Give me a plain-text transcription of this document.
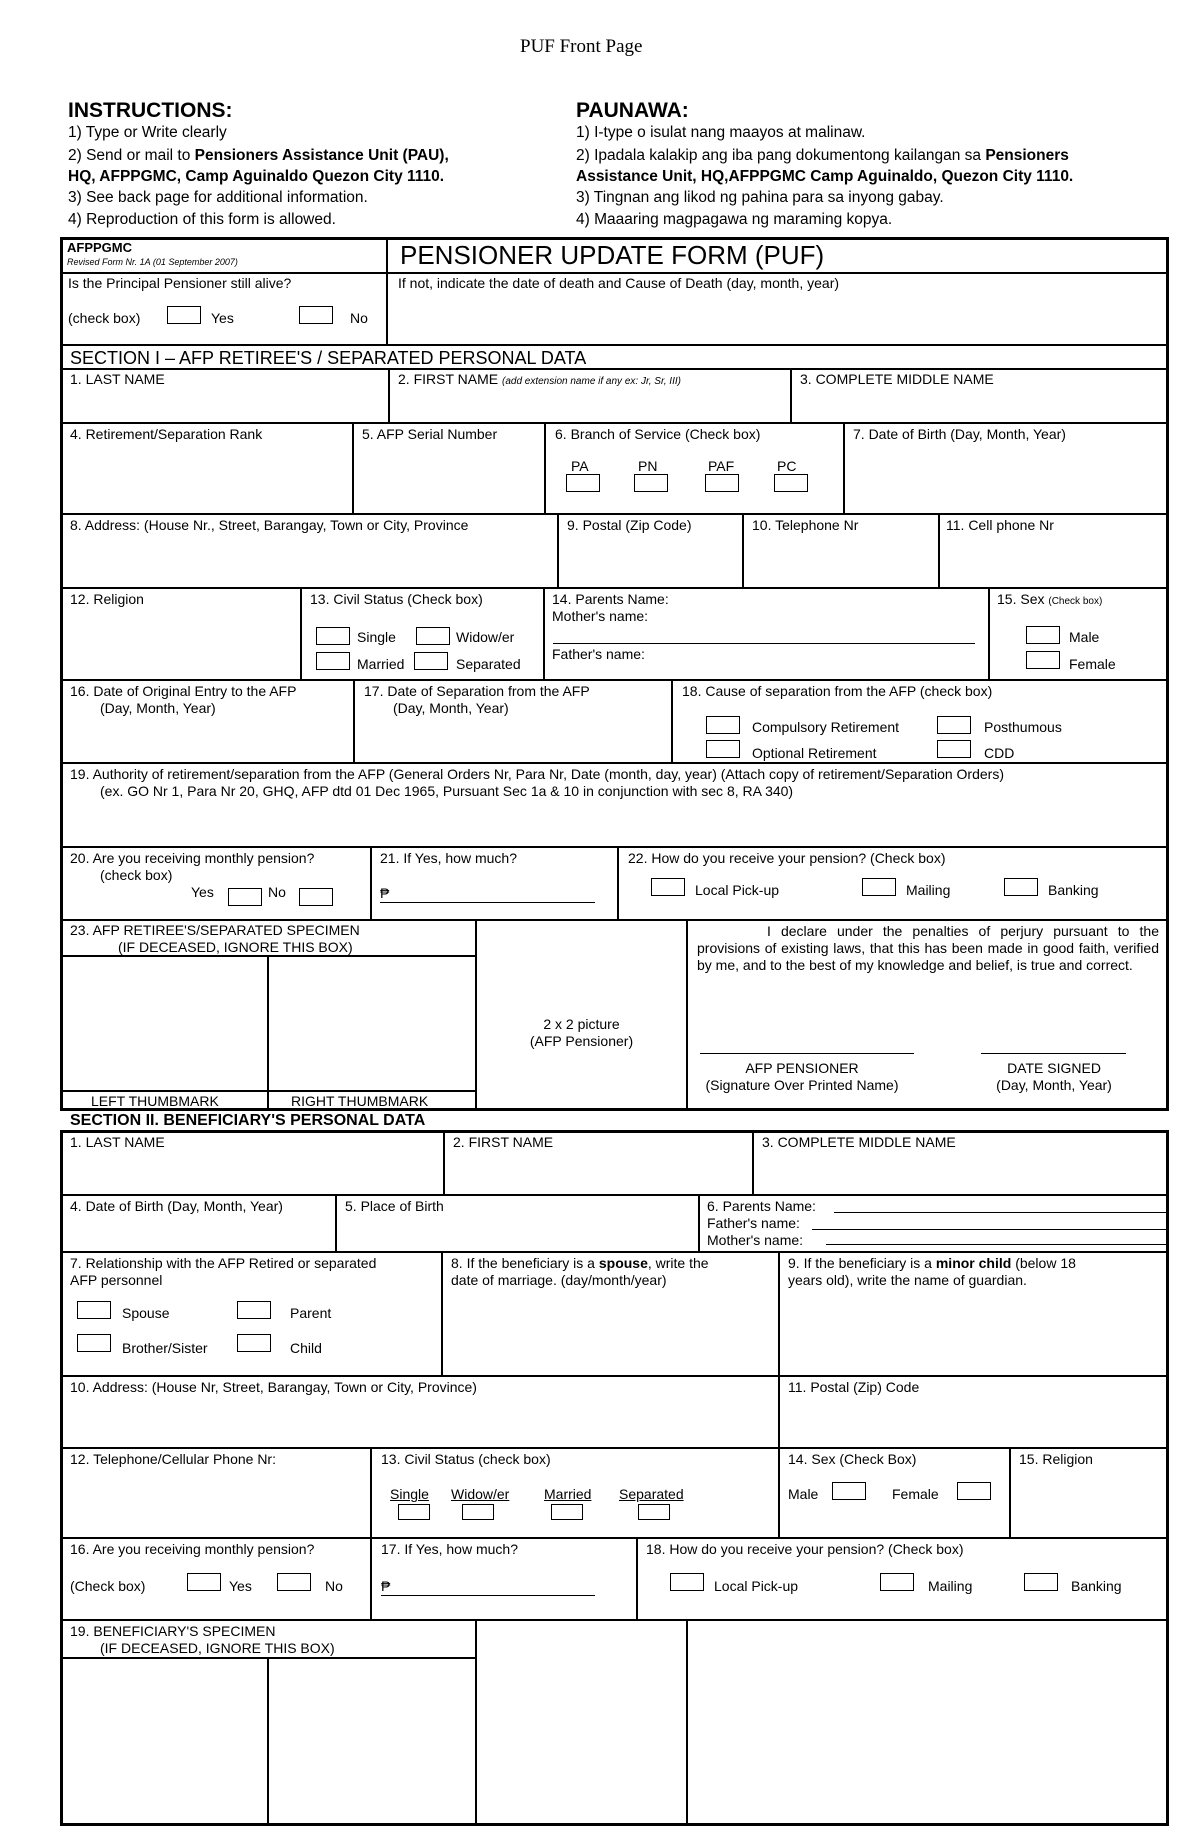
PUF Front Page
INSTRUCTIONS:
1) Type or Write clearly
2) Send or mail to Pensioners Assistance Unit (PAU),
HQ, AFPPGMC, Camp Aguinaldo Quezon City 1110.
3) See back page for additional information.
4) Reproduction of this form is allowed.
PAUNAWA:
1) I-type o isulat nang maayos at malinaw.
2) Ipadala kalakip ang iba pang dokumentong kailangan sa Pensioners
Assistance Unit, HQ,AFPPGMC Camp Aguinaldo, Quezon City 1110.
3) Tingnan ang likod ng pahina para sa inyong gabay.
4) Maaaring magpagawa ng maraming kopya.
AFPPGMC
Revised Form Nr. 1A (01 September 2007)	PENSIONER UPDATE FORM (PUF)
Is the Principal Pensioner still alive?
(check box)	Yes	No
If not, indicate the date of death and Cause of Death (day, month, year)
SECTION I – AFP RETIREE'S / SEPARATED PERSONAL DATA
1. LAST NAME	2. FIRST NAME (add extension name if any ex: Jr, Sr, III)	3. COMPLETE MIDDLE NAME
4. Retirement/Separation Rank	5. AFP Serial Number	6. Branch of Service (Check box)	7. Date of Birth (Day, Month, Year)
PA	PN	PAF	PC
8. Address: (House Nr., Street, Barangay, Town or City, Province	9. Postal (Zip Code)	10. Telephone Nr	11. Cell phone Nr
12. Religion	13. Civil Status (Check box)
Single	Widow/er
Married	Separated
14. Parents Name:
Mother's name:
Father's name:
15. Sex (Check box)
Male
Female
16. Date of Original Entry to the AFP
(Day, Month, Year)
17. Date of Separation from the AFP
(Day, Month, Year)
18. Cause of separation from the AFP (check box)
Compulsory Retirement	Posthumous
Optional Retirement	CDD
19. Authority of retirement/separation from the AFP (General Orders Nr, Para Nr, Date (month, day, year) (Attach copy of retirement/Separation Orders)
(ex. GO Nr 1, Para Nr 20, GHQ, AFP dtd 01 Dec 1965, Pursuant Sec 1a & 10 in conjunction with sec 8, RA 340)
20. Are you receiving monthly pension?
(check box)
Yes	No
21. If Yes, how much?
₱
22. How do you receive your pension? (Check box)
Local Pick-up	Mailing	Banking
23. AFP RETIREE'S/SEPARATED SPECIMEN
(IF DECEASED, IGNORE THIS BOX)
LEFT THUMBMARK	RIGHT THUMBMARK
2 x 2 picture
(AFP Pensioner)
I declare under the penalties of perjury pursuant to the provisions of existing laws, that this has been made in good faith, verified by me, and to the best of my knowledge and belief, is true and correct.
AFP PENSIONER
(Signature Over Printed Name)
DATE SIGNED
(Day, Month, Year)
SECTION II. BENEFICIARY'S PERSONAL DATA
1. LAST NAME	2. FIRST NAME	3. COMPLETE MIDDLE NAME
4. Date of Birth (Day, Month, Year)	5. Place of Birth	6. Parents Name:
Father's name:
Mother's name:
7. Relationship with the AFP Retired or separated
AFP personnel
Spouse	Parent
Brother/Sister	Child
8. If the beneficiary is a spouse, write the
date of marriage. (day/month/year)
9. If the beneficiary is a minor child (below 18
years old), write the name of guardian.
10. Address: (House Nr, Street, Barangay, Town or City, Province)	11. Postal (Zip) Code
12. Telephone/Cellular Phone Nr:	13. Civil Status (check box)
Single Widow/er Married Separated
14. Sex (Check Box)
Male	Female
15. Religion
16. Are you receiving monthly pension?
(Check box)	Yes	No
17. If Yes, how much?
₱
18. How do you receive your pension? (Check box)
Local Pick-up	Mailing	Banking
19. BENEFICIARY'S SPECIMEN
(IF DECEASED, IGNORE THIS BOX)
